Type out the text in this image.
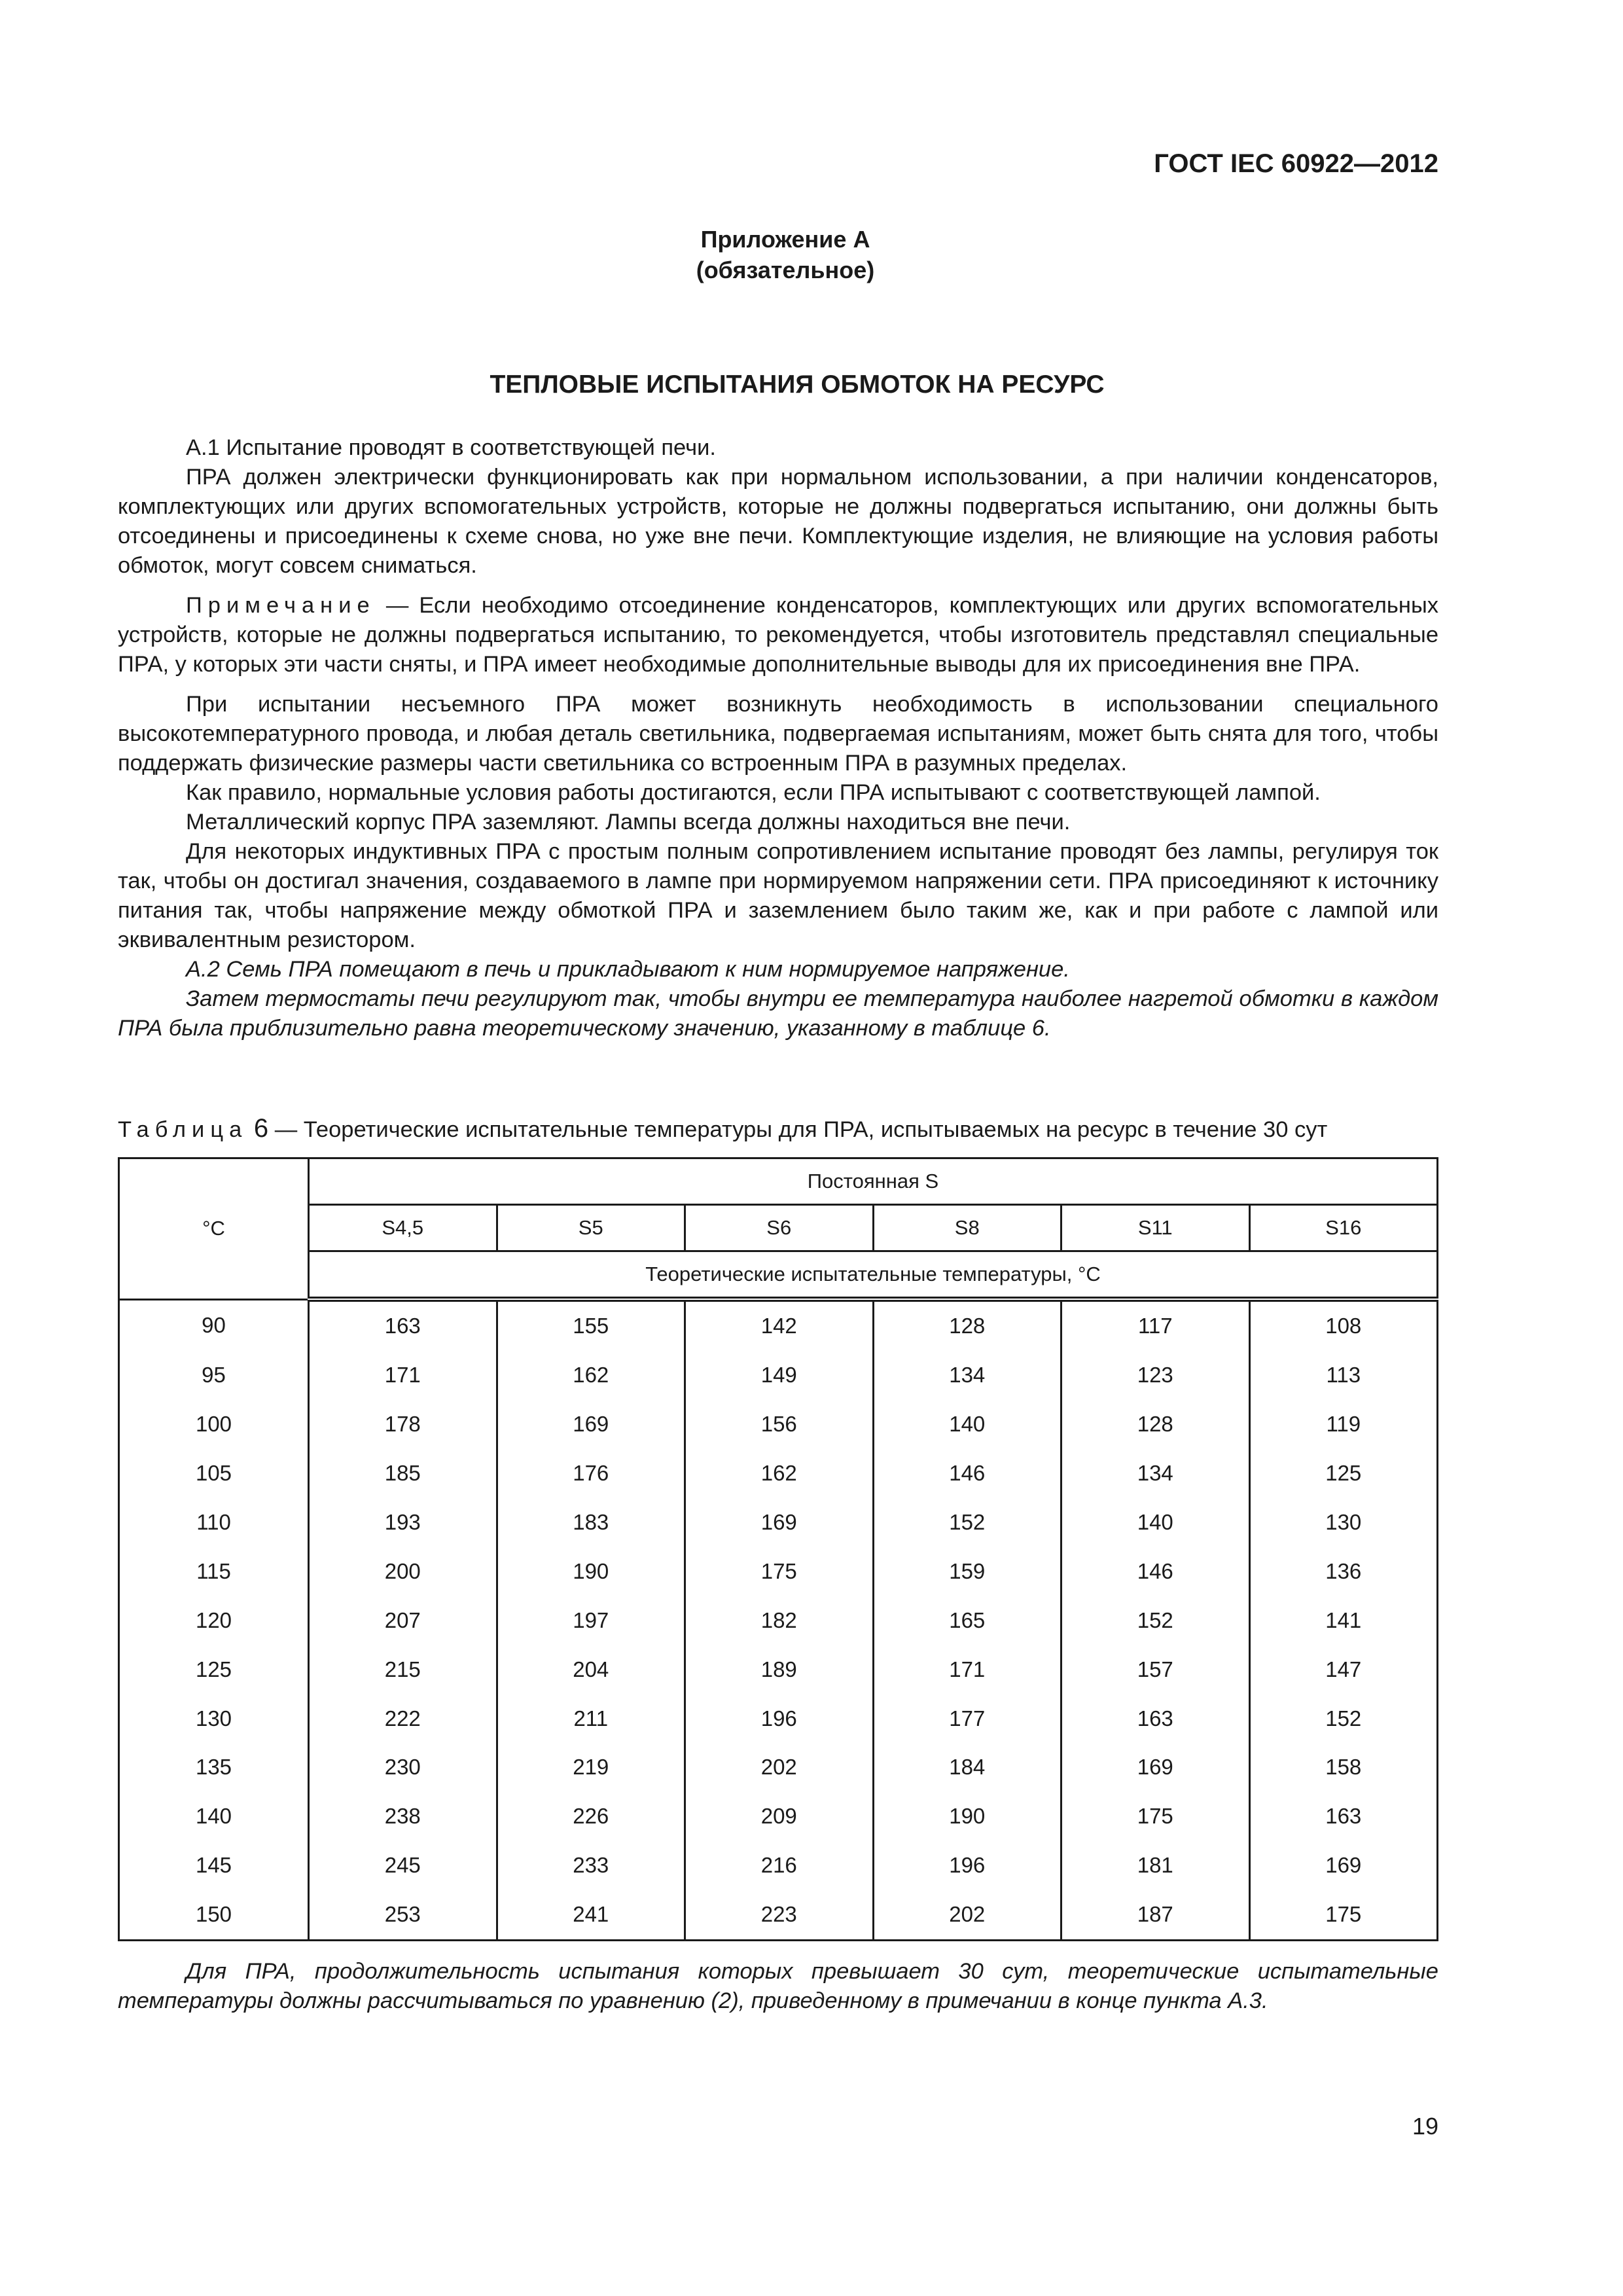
ГОСТ IEC 60922—2012
Приложение А
(обязательное)
ТЕПЛОВЫЕ ИСПЫТАНИЯ ОБМОТОК НА РЕСУРС

А.1 Испытание проводят в соответствующей печи.

ПРА должен электрически функционировать как при нормальном использовании, а при наличии конденсаторов, комплектующих или других вспомогательных устройств, которые не должны подвергаться испытанию, они должны быть отсоединены и присоединены к схеме снова, но уже вне печи. Комплектующие изделия, не влияющие на условия работы обмоток, могут совсем сниматься.

Примечание — Если необходимо отсоединение конденсаторов, комплектующих или других вспомогательных устройств, которые не должны подвергаться испытанию, то рекомендуется, чтобы изготовитель представлял специальные ПРА, у которых эти части сняты, и ПРА имеет необходимые дополнительные выводы для их присоединения вне ПРА.

При испытании несъемного ПРА может возникнуть необходимость в использовании специального высокотемпературного провода, и любая деталь светильника, подвергаемая испытаниям, может быть снята для того, чтобы поддержать физические размеры части светильника со встроенным ПРА в разумных пределах.

Как правило, нормальные условия работы достигаются, если ПРА испытывают с соответствующей лампой.

Металлический корпус ПРА заземляют. Лампы всегда должны находиться вне печи.

Для некоторых индуктивных ПРА с простым полным сопротивлением испытание проводят без лампы, регулируя ток так, чтобы он достигал значения, создаваемого в лампе при нормируемом напряжении сети. ПРА присоединяют к источнику питания так, чтобы напряжение между обмоткой ПРА и заземлением было таким же, как и при работе с лампой или эквивалентным резистором.

А.2 Семь ПРА помещают в печь и прикладывают к ним нормируемое напряжение.

Затем термостаты печи регулируют так, чтобы внутри ее температура наиболее нагретой обмотки в каждом ПРА была приблизительно равна теоретическому значению, указанному в таблице 6.

Таблица 6 — Теоретические испытательные температуры для ПРА, испытываемых на ресурс в течение 30 сут
°C	Постоянная S					
	S4,5	S5	S6	S8	S11	S16
	Теоретические испытательные температуры, °С					
90	163	155	142	128	117	108
95	171	162	149	134	123	113
100	178	169	156	140	128	119
105	185	176	162	146	134	125
110	193	183	169	152	140	130
115	200	190	175	159	146	136
120	207	197	182	165	152	141
125	215	204	189	171	157	147
130	222	211	196	177	163	152
135	230	219	202	184	169	158
140	238	226	209	190	175	163
145	245	233	216	196	181	169
150	253	241	223	202	187	175
Для ПРА, продолжительность испытания которых превышает 30 сут, теоретические испытательные температуры должны рассчитываться по уравнению (2), приведенному в примечании в конце пункта А.3.
19
